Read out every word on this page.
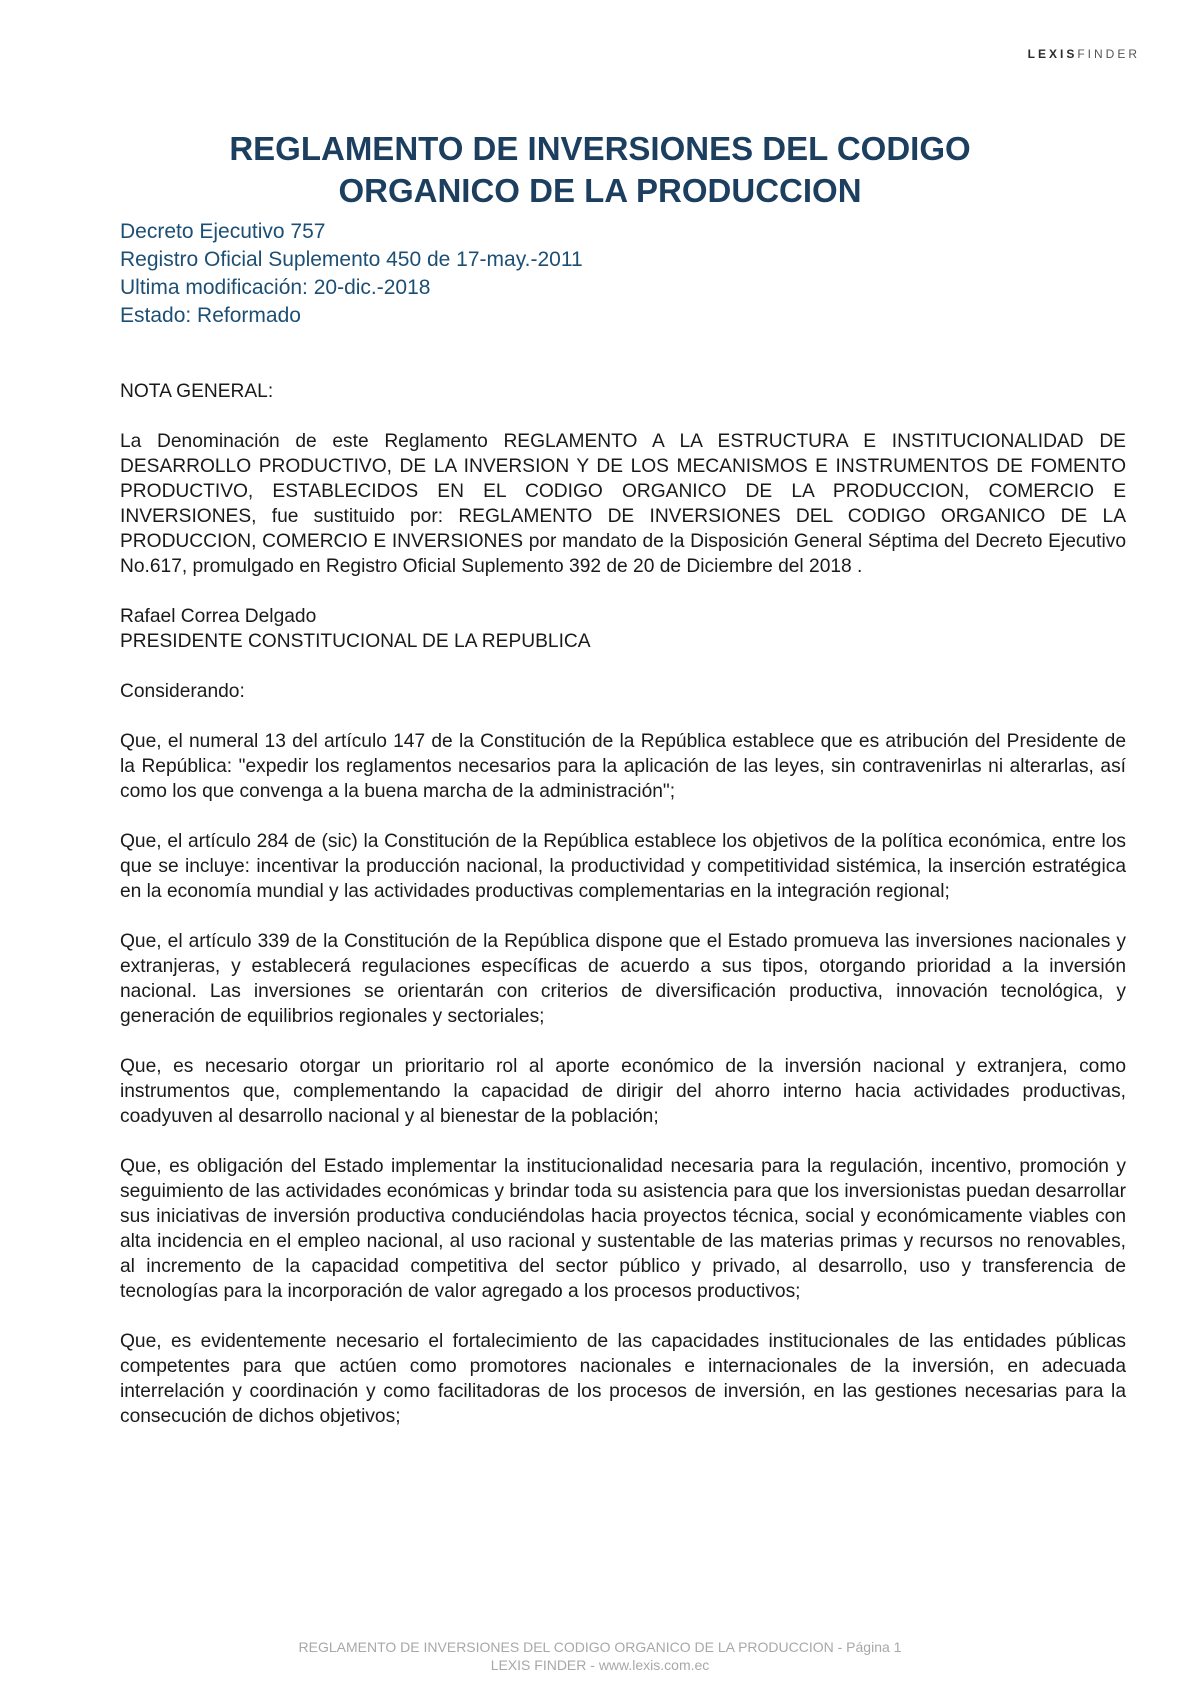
LEXISFINDER
REGLAMENTO DE INVERSIONES DEL CODIGO
ORGANICO DE LA PRODUCCION
Decreto Ejecutivo 757
Registro Oficial Suplemento 450 de 17-may.-2011
Ultima modificación: 20-dic.-2018
Estado: Reformado

NOTA GENERAL:

La Denominación de este Reglamento REGLAMENTO A LA ESTRUCTURA E INSTITUCIONALIDAD DE DESARROLLO PRODUCTIVO, DE LA INVERSION Y DE LOS MECANISMOS E INSTRUMENTOS DE FOMENTO PRODUCTIVO, ESTABLECIDOS EN EL CODIGO ORGANICO DE LA PRODUCCION, COMERCIO E INVERSIONES, fue sustituido por: REGLAMENTO DE INVERSIONES DEL CODIGO ORGANICO DE LA PRODUCCION, COMERCIO E INVERSIONES por mandato de la Disposición General Séptima del Decreto Ejecutivo No.617, promulgado en Registro Oficial Suplemento 392 de 20 de Diciembre del 2018 .

Rafael Correa Delgado
PRESIDENTE CONSTITUCIONAL DE LA REPUBLICA

Considerando:

Que, el numeral 13 del artículo 147 de la Constitución de la República establece que es atribución del Presidente de la República: "expedir los reglamentos necesarios para la aplicación de las leyes, sin contravenirlas ni alterarlas, así como los que convenga a la buena marcha de la administración";

Que, el artículo 284 de (sic) la Constitución de la República establece los objetivos de la política económica, entre los que se incluye: incentivar la producción nacional, la productividad y competitividad sistémica, la inserción estratégica en la economía mundial y las actividades productivas complementarias en la integración regional;

Que, el artículo 339 de la Constitución de la República dispone que el Estado promueva las inversiones nacionales y extranjeras, y establecerá regulaciones específicas de acuerdo a sus tipos, otorgando prioridad a la inversión nacional. Las inversiones se orientarán con criterios de diversificación productiva, innovación tecnológica, y generación de equilibrios regionales y sectoriales;

Que, es necesario otorgar un prioritario rol al aporte económico de la inversión nacional y extranjera, como instrumentos que, complementando la capacidad de dirigir del ahorro interno hacia actividades productivas, coadyuven al desarrollo nacional y al bienestar de la población;

Que, es obligación del Estado implementar la institucionalidad necesaria para la regulación, incentivo, promoción y seguimiento de las actividades económicas y brindar toda su asistencia para que los inversionistas puedan desarrollar sus iniciativas de inversión productiva conduciéndolas hacia proyectos técnica, social y económicamente viables con alta incidencia en el empleo nacional, al uso racional y sustentable de las materias primas y recursos no renovables, al incremento de la capacidad competitiva del sector público y privado, al desarrollo, uso y transferencia de tecnologías para la incorporación de valor agregado a los procesos productivos;

Que, es evidentemente necesario el fortalecimiento de las capacidades institucionales de las entidades públicas competentes para que actúen como promotores nacionales e internacionales de la inversión, en adecuada interrelación y coordinación y como facilitadoras de los procesos de inversión, en las gestiones necesarias para la consecución de dichos objetivos;

REGLAMENTO DE INVERSIONES DEL CODIGO ORGANICO DE LA PRODUCCION - Página 1
LEXIS FINDER - www.lexis.com.ec
